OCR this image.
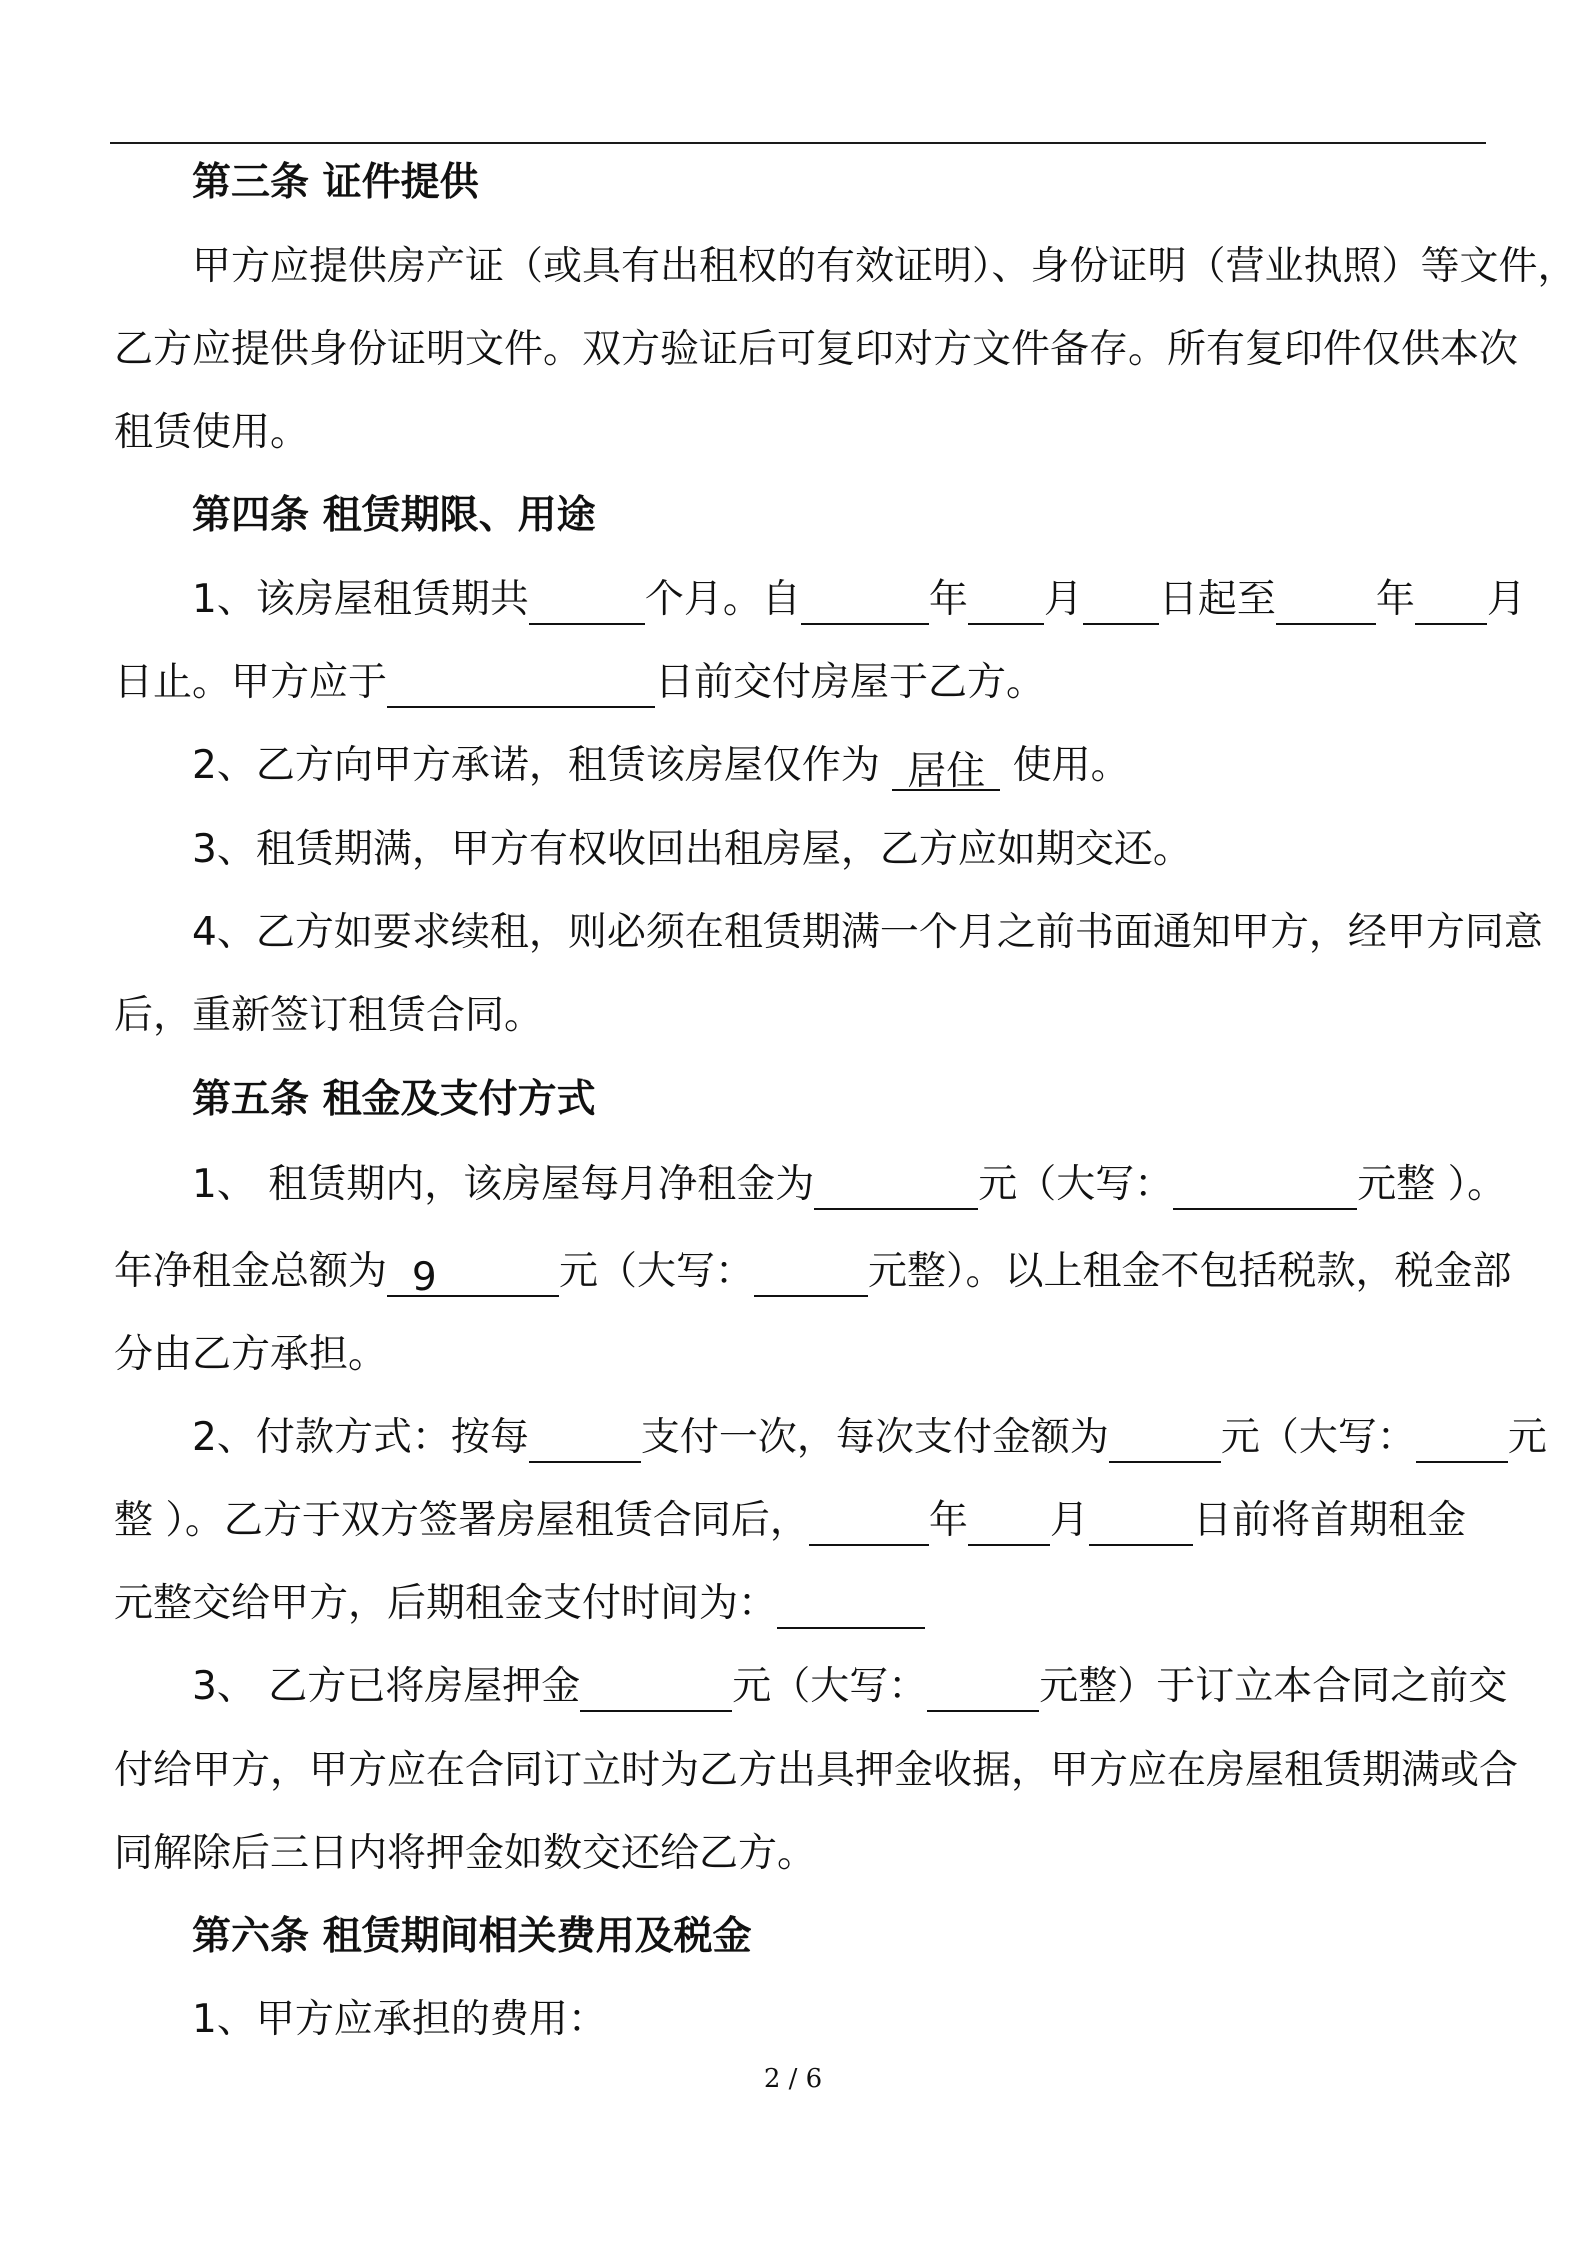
第三条 证件提供
甲方应提供房产证（或具有出租权的有效证明）、身份证明（营业执照）等文件，
乙方应提供身份证明文件。双方验证后可复印对方文件备存。所有复印件仅供本次
租赁使用。
第四条 租赁期限、用途
1、该房屋租赁期共	个月。自	年 月 日起至	年 月
日止。甲方应于	日前交付房屋于乙方。
2、乙方向甲方承诺，租赁该房屋仅作为 居住 使用。
3、租赁期满，甲方有权收回出租房屋，乙方应如期交还。
4、乙方如要求续租，则必须在租赁期满一个月之前书面通知甲方，经甲方同意
后，重新签订租赁合同。
第五条 租金及支付方式
1、 租赁期内，该房屋每月净租金为	元（大写：	元整 ）。
年净租金总额为 9	元（大写：	元整）。以上租金不包括税款，税金部
分由乙方承担。
2、付款方式：按每	支付一次，每次支付金额为	元（大写： 元
整 ）。乙方于双方签署房屋租赁合同后，	年 月	日前将首期租金
元整交给甲方，后期租金支付时间为：
3、 乙方已将房屋押金	元（大写：	元整）于订立本合同之前交
付给甲方，甲方应在合同订立时为乙方出具押金收据，甲方应在房屋租赁期满或合
同解除后三日内将押金如数交还给乙方。
第六条 租赁期间相关费用及税金
1、甲方应承担的费用：
2 / 6
